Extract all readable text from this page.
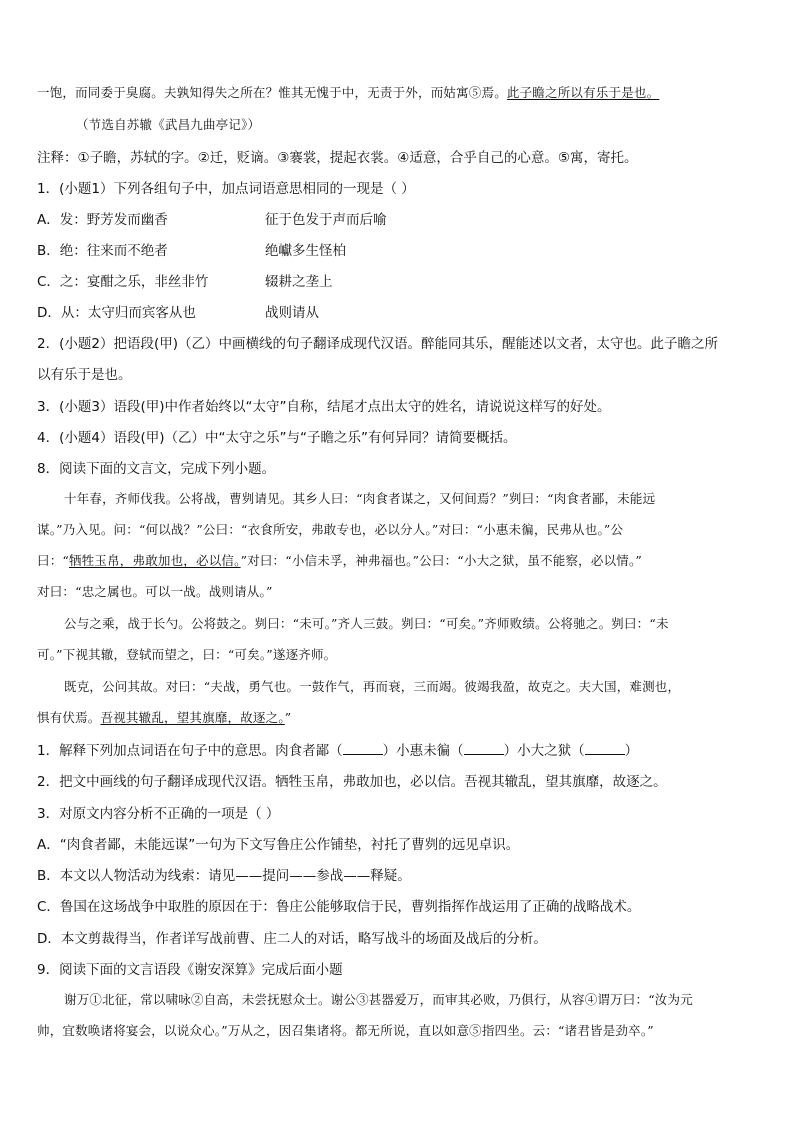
一饱，而同委于臭腐。夫孰知得失之所在？惟其无愧于中，无责于外，而姑寓⑤焉。此子瞻之所以有乐于是也。
（节选自苏辙《武昌九曲亭记》）
注释：①子瞻，苏轼的字。②迁，贬谪。③褰裳，提起衣裳。④适意，合乎自己的心意。⑤寓，寄托。
1．(小题1）下列各组句子中，加点词语意思相同的一现是（ ）
A．发：野芳发而幽香	征于色发于声而后喻
B．绝：往来而不绝者	绝巘多生怪柏
C．之：宴酣之乐，非丝非竹	辍耕之垄上
D．从：太守归而宾客从也	战则请从
2．(小题2）把语段(甲)（乙）中画横线的句子翻译成现代汉语。醉能同其乐，醒能述以文者，太守也。此子瞻之所
以有乐于是也。
3．(小题3）语段(甲)中作者始终以“太守”自称，结尾才点出太守的姓名，请说说这样写的好处。
4．(小题4）语段(甲)（乙）中“太守之乐”与“子瞻之乐”有何异同？请简要概括。
8．阅读下面的文言文，完成下列小题。
十年春，齐师伐我。公将战，曹刿请见。其乡人曰：“肉食者谋之，又何间焉？”刿曰：“肉食者鄙，未能远
谋。”乃入见。问：“何以战？”公曰：“衣食所安，弗敢专也，必以分人。”对曰：“小惠未徧，民弗从也。”公
曰：“牺牲玉帛，弗敢加也，必以信。”对曰：“小信未孚，神弗福也。”公曰：“小大之狱，虽不能察，必以情。”
对曰：“忠之属也。可以一战。战则请从。”
公与之乘，战于长勺。公将鼓之。刿曰：“未可。”齐人三鼓。刿曰：“可矣。”齐师败绩。公将驰之。刿曰：“未
可。”下视其辙，登轼而望之，曰：“可矣。”遂逐齐师。
既克，公问其故。对曰：“夫战，勇气也。一鼓作气，再而衰，三而竭。彼竭我盈，故克之。夫大国，难测也，
惧有伏焉。吾视其辙乱，望其旗靡，故逐之。”
1．解释下列加点词语在句子中的意思。肉食者鄙（	）小惠未徧（	）小大之狱（	）
2．把文中画线的句子翻译成现代汉语。牺牲玉帛，弗敢加也，必以信。吾视其辙乱，望其旗靡，故逐之。
3．对原文内容分析不正确的一项是（ ）
A．“肉食者鄙，未能远谋”一句为下文写鲁庄公作铺垫，衬托了曹刿的远见卓识。
B．本文以人物活动为线索：请见——提问——参战——释疑。
C．鲁国在这场战争中取胜的原因在于：鲁庄公能够取信于民，曹刿指挥作战运用了正确的战略战术。
D．本文剪裁得当，作者详写战前曹、庄二人的对话，略写战斗的场面及战后的分析。
9．阅读下面的文言语段《谢安深算》完成后面小题
谢万①北征，常以啸咏②自高，未尝抚慰众士。谢公③甚器爱万，而审其必败，乃俱行，从容④谓万曰：“汝为元
帅，宜数唤诸将宴会，以说众心。”万从之，因召集诸将。都无所说，直以如意⑤指四坐。云：“诸君皆是劲卒。”
